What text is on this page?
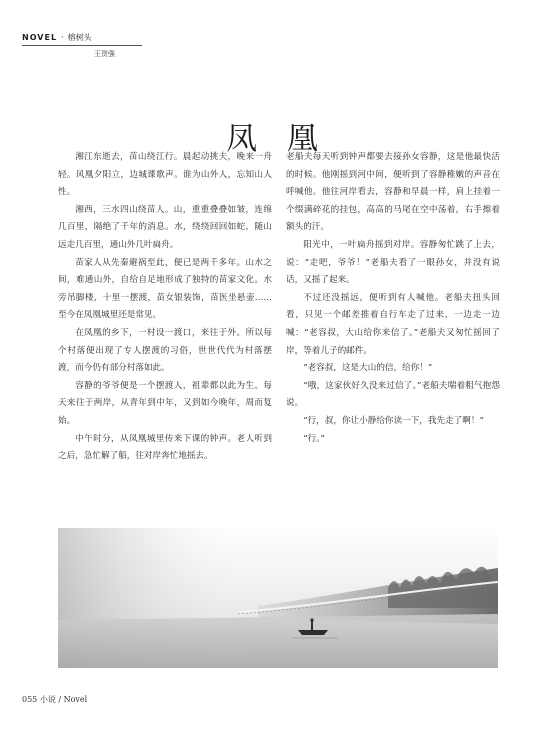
NOVEL · 榕树头
王贺强
凤 凰

湘江东逝去，苗山绕江行。晨起动挑夫，晚来一舟轻。风凰夕阳立，边城谍歌声。谁为山外人，忘知山人性。

湘西，三水四山绕苗人。山，重重叠叠如皱，连绵几百里，隔绝了千年的消息。水，绕绕回回如蛇，随山远走几百里，通山外几叶扁舟。

苗家人从先秦避祸至此，便已是两千多年。山水之间，难通山外，自给自足地形成了独特的苗家文化。水旁吊脚楼，十里一摆渡，苗女银装饰，苗医坐悬壶……至今在凤凰城里还是常见。

在凤凰的乡下，一村设一渡口，来往于外。所以每个村落便出现了专人摆渡的习俗，世世代代为村落摆渡，而今仍有部分村落如此。

容静的爷爷便是一个摆渡人，祖辈都以此为生。每天来往于两岸，从青年到中年，又到如今晚年，周而复始。

中午时分，从凤凰城里传来下课的钟声。老人听到之后，急忙解了船，往对岸奔忙地摇去。

老船夫每天听到钟声都要去接孙女容静，这是他最快活的时候。他刚摇到河中间，便听到了容静稚嫩的声音在呼喊他。他往河岸看去，容静和早晨一样，肩上挂着一个缀满碎花的挂包，高高的马尾在空中荡着，右手擦着额头的汗。

阳光中，一叶扁舟摇到对岸。容静匆忙跳了上去，说：“走吧，爷爷！”老船夫看了一眼孙女，并没有说话，又摇了起来。

不过还没摇远，便听到有人喊他。老船夫扭头回看，只见一个邮差推着自行车走了过来，一边走一边喊：“老容叔，大山给你来信了。”老船夫又匆忙摇回了岸，等着儿子的邮件。

“老容叔，这是大山的信，给你！”

“哦，这家伙好久没来过信了。”老船夫喘着粗气抱怨说。

“行，叔，你让小静给你读一下，我先走了啊！”

“行。”

055 小说 / Novel
